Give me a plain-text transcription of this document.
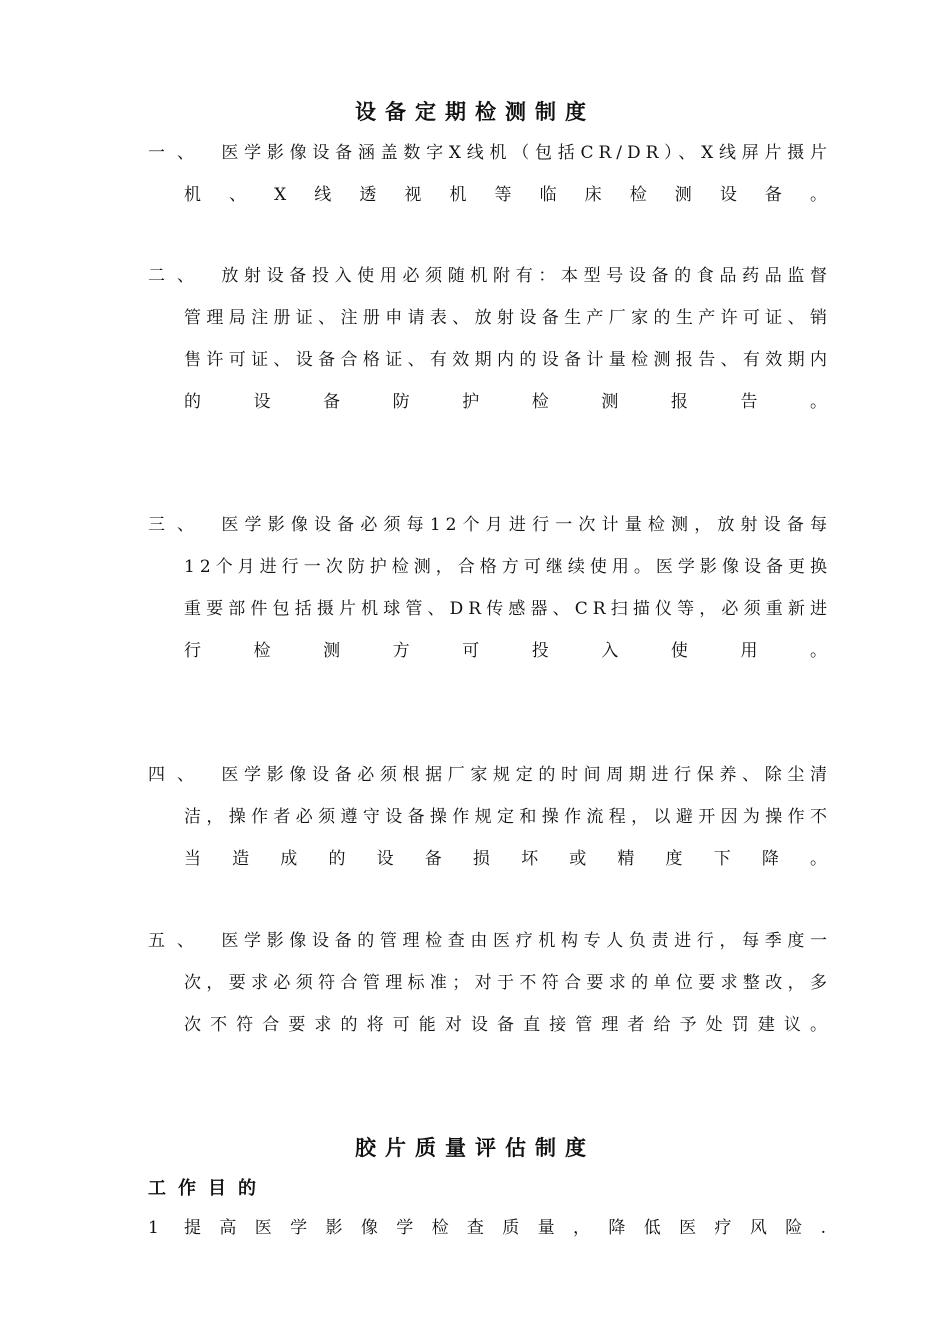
设备定期检测制度
一、 医学影像设备涵盖数字X线机（包括CR/DR）、X线屏片摄片机、X线透视机等临床检测设备。
二、 放射设备投入使用必须随机附有：本型号设备的食品药品监督管理局注册证、注册申请表、放射设备生产厂家的生产许可证、销售许可证、设备合格证、有效期内的设备计量检测报告、有效期内的设备防护检测报告。
三、 医学影像设备必须每12个月进行一次计量检测，放射设备每12个月进行一次防护检测，合格方可继续使用。医学影像设备更换重要部件包括摄片机球管、DR传感器、CR扫描仪等，必须重新进行检测方可投入使用。
四、 医学影像设备必须根据厂家规定的时间周期进行保养、除尘清洁，操作者必须遵守设备操作规定和操作流程，以避开因为操作不当造成的设备损坏或精度下降。
五、 医学影像设备的管理检查由医疗机构专人负责进行，每季度一次，要求必须符合管理标准；对于不符合要求的单位要求整改，多次不符合要求的将可能对设备直接管理者给予处罚建议。
胶片质量评估制度
工作目的
1 提高医学影像学检查质量，降低医疗风险.
